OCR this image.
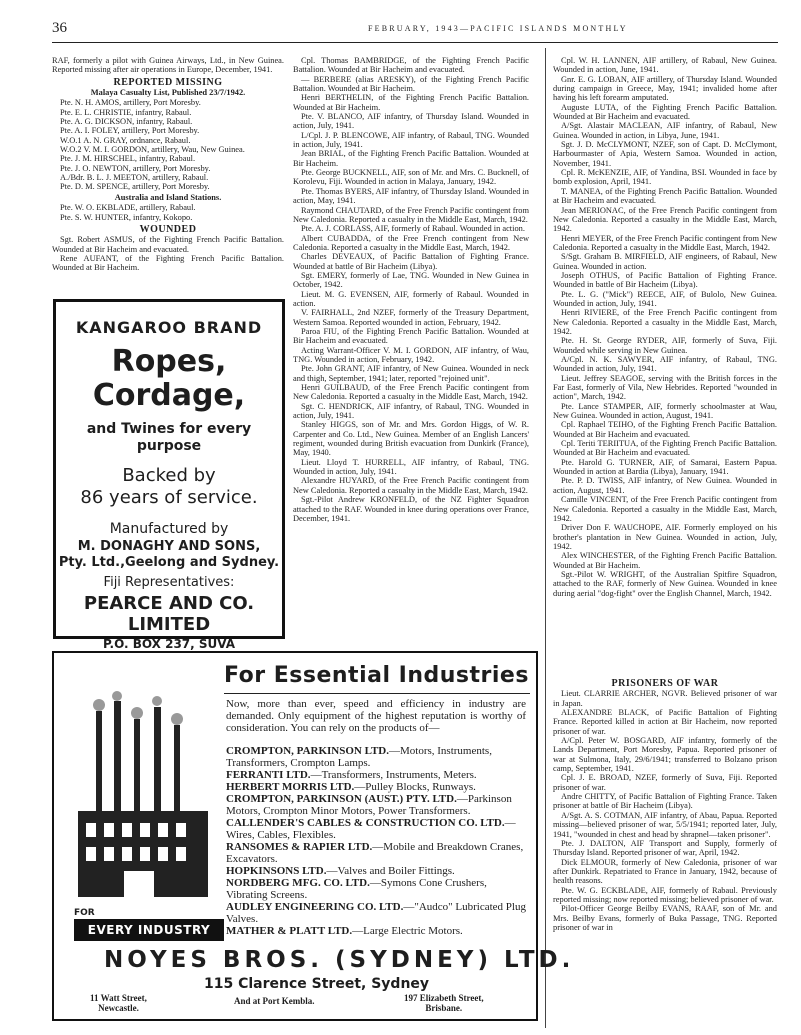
36	FEBRUARY, 1943—PACIFIC ISLANDS MONTHLY

RAF, formerly a pilot with Guinea Airways, Ltd., in New Guinea. Reported missing after air operations in Europe, December, 1941.

REPORTED MISSING
Malaya Casualty List, Published 23/7/1942.

Pte. N. H. AMOS, artillery, Port Moresby.

Pte. E. L. CHRISTIE, infantry, Rabaul.

Pte. A. G. DICKSON, infantry, Rabaul.

Pte. A. I. FOLEY, artillery, Port Moresby.

W.O.1 A. N. GRAY, ordnance, Rabaul.

W.O.2 V. M. I. GORDON, artillery, Wau, New Guinea.

Pte. J. M. HIRSCHEL, infantry, Rabaul.

Pte. J. O. NEWTON, artillery, Port Moresby.

A./Bdr. B. L. J. MEETON, artillery, Rabaul.

Pte. D. M. SPENCE, artillery, Port Moresby.

Australia and Island Stations.

Pte. W. O. EKBLADE, artillery, Rabaul.

Pte. S. W. HUNTER, infantry, Kokopo.

WOUNDED

Sgt. Robert ASMUS, of the Fighting French Pacific Battalion. Wounded at Bir Hacheim and evacuated.

Rene AUFANT, of the Fighting French Pacific Battalion. Wounded at Bir Hacheim.

KANGAROO BRAND
Ropes,
Cordage,
and Twines for every
purpose
Backed by
86 years of service.
Manufactured by
M. DONAGHY AND SONS,
Pty. Ltd.,Geelong and Sydney.
Fiji Representatives:
PEARCE AND CO.
LIMITED
P.O. BOX 237, SUVA

Cpl. Thomas BAMBRIDGE, of the Fighting French Pacific Battalion. Wounded at Bir Hacheim and evacuated.

— BERBERE (alias ARESKY), of the Fighting French Pacific Battalion. Wounded at Bir Hacheim.

Henri BERTHELIN, of the Fighting French Pacific Battalion. Wounded at Bir Hacheim.

Pte. V. BLANCO, AIF infantry, of Thursday Island. Wounded in action, July, 1941.

L/Cpl. J. P. BLENCOWE, AIF infantry, of Rabaul, TNG. Wounded in action, July, 1941.

Jean BRIAL, of the Fighting French Pacific Battalion. Wounded at Bir Hacheim.

Pte. George BUCKNELL, AIF, son of Mr. and Mrs. C. Bucknell, of Korolevu, Fiji. Wounded in action in Malaya, January, 1942.

Pte. Thomas BYERS, AIF infantry, of Thursday Island. Wounded in action, May, 1941.

Raymond CHAUTARD, of the Free French Pacific contingent from New Caledonia. Reported a casualty in the Middle East, March, 1942.

Pte. A. J. CORLASS, AIF, formerly of Rabaul. Wounded in action.

Albert CUBADDA, of the Free French contingent from New Caledonia. Reported a casualty in the Middle East, March, 1942.

Charles DEVEAUX, of Pacific Battalion of Fighting France. Wounded at battle of Bir Hacheim (Libya).

Sgt. EMERY, formerly of Lae, TNG. Wounded in New Guinea in October, 1942.

Lieut. M. G. EVENSEN, AIF, formerly of Rabaul. Wounded in action.

V. FAIRHALL, 2nd NZEF, formerly of the Treasury Department, Western Samoa. Reported wounded in action, February, 1942.

Paroa FIU, of the Fighting French Pacific Battalion. Wounded at Bir Hacheim and evacuated.

Acting Warrant-Officer V. M. I. GORDON, AIF infantry, of Wau, TNG. Wounded in action, February, 1942.

Pte. John GRANT, AIF infantry, of New Guinea. Wounded in neck and thigh, September, 1941; later, reported "rejoined unit".

Henri GUILBAUD, of the Free French Pacific contingent from New Caledonia. Reported a casualty in the Middle East, March, 1942.

Sgt. C. HENDRICK, AIF infantry, of Rabaul, TNG. Wounded in action, July, 1941.

Stanley HIGGS, son of Mr. and Mrs. Gordon Higgs, of W. R. Carpenter and Co. Ltd., New Guinea. Member of an English Lancers' regiment, wounded during British evacuation from Dunkirk (France), May, 1940.

Lieut. Lloyd T. HURRELL, AIF infantry, of Rabaul, TNG. Wounded in action, July, 1941.

Alexandre HUYARD, of the Free French Pacific contingent from New Caledonia. Reported a casualty in the Middle East, March, 1942.

Sgt.-Pilot Andrew KRONFELD, of the NZ Fighter Squadron attached to the RAF. Wounded in knee during operations over France, December, 1941.

Cpl. W. H. LANNEN, AIF artillery, of Rabaul, New Guinea. Wounded in action, June, 1941.

Gnr. E. G. LOBAN, AIF artillery, of Thursday Island. Wounded during campaign in Greece, May, 1941; invalided home after having his left forearm amputated.

Auguste LUTA, of the Fighting French Pacific Battalion. Wounded at Bir Hacheim and evacuated.

A/Sgt. Alastair MACLEAN, AIF infantry, of Rabaul, New Guinea. Wounded in action, in Libya, June, 1941.

Sgt. J. D. McCLYMONT, NZEF, son of Capt. D. McClymont, Harbourmaster of Apia, Western Samoa. Wounded in action, November, 1941.

Cpl. R. McKENZIE, AIF, of Yandina, BSI. Wounded in face by bomb explosion, April, 1941.

T. MANEA, of the Fighting French Pacific Battalion. Wounded at Bir Hacheim and evacuated.

Jean MERIONAC, of the Free French Pacific contingent from New Caledonia. Reported a casualty in the Middle East, March, 1942.

Henri MEYER, of the Free French Pacific contingent from New Caledonia. Reported a casualty in the Middle East, March, 1942.

S/Sgt. Graham B. MIRFIELD, AIF engineers, of Rabaul, New Guinea. Wounded in action.

Joseph OTHUS, of Pacific Battalion of Fighting France. Wounded in battle of Bir Hacheim (Libya).

Pte. L. G. ("Mick") REECE, AIF, of Bulolo, New Guinea. Wounded in action, July, 1941.

Henri RIVIERE, of the Free French Pacific contingent from New Caledonia. Reported a casualty in the Middle East, March, 1942.

Pte. H. St. George RYDER, AIF, formerly of Suva, Fiji. Wounded while serving in New Guinea.

A/Cpl. N. K. SAWYER, AIF infantry, of Rabaul, TNG. Wounded in action, July, 1941.

Lieut. Jeffrey SEAGOE, serving with the British forces in the Far East, formerly of Vila, New Hebrides. Reported "wounded in action", March, 1942.

Pte. Lance STAMPER, AIF, formerly schoolmaster at Wau, New Guinea. Wounded in action, August, 1941.

Cpl. Raphael TEIHO, of the Fighting French Pacific Battalion. Wounded at Bir Hacheim and evacuated.

Cpl. Teriti TERIITUA, of the Fighting French Pacific Battalion. Wounded at Bir Hacheim and evacuated.

Pte. Harold G. TURNER, AIF, of Samarai, Eastern Papua. Wounded in action at Bardia (Libya), January, 1941.

Pte. P. D. TWISS, AIF infantry, of New Guinea. Wounded in action, August, 1941.

Camille VINCENT, of the Free French Pacific contingent from New Caledonia. Reported a casualty in the Middle East, March, 1942.

Driver Don F. WAUCHOPE, AIF. Formerly employed on his brother's plantation in New Guinea. Wounded in action, July, 1942.

Alex WINCHESTER, of the Fighting French Pacific Battalion. Wounded at Bir Hacheim.

Sgt.-Pilot W. WRIGHT, of the Australian Spitfire Squadron, attached to the RAF, formerly of New Guinea. Wounded in knee during aerial "dog-fight" over the English Channel, March, 1942.

PRISONERS OF WAR

Lieut. CLARRIE ARCHER, NGVR. Believed prisoner of war in Japan.

ALEXANDRE BLACK, of Pacific Battalion of Fighting France. Reported killed in action at Bir Hacheim, now reported prisoner of war.

A/Cpl. Peter W. BOSGARD, AIF infantry, formerly of the Lands Department, Port Moresby, Papua. Reported prisoner of war at Sulmona, Italy, 29/6/1941; transferred to Bolzano prison camp, September, 1941.

Cpl. J. E. BROAD, NZEF, formerly of Suva, Fiji. Reported prisoner of war.

Andre CHITTY, of Pacific Battalion of Fighting France. Taken prisoner at battle of Bir Hacheim (Libya).

A/Sgt. A. S. COTMAN, AIF infantry, of Abau, Papua. Reported missing—believed prisoner of war, 5/5/1941; reported later, July, 1941, "wounded in chest and head by shrapnel—taken prisoner".

Pte. J. DALTON, AIF Transport and Supply, formerly of Thursday Island. Reported prisoner of war, April, 1942.

Dick ELMOUR, formerly of New Caledonia, prisoner of war after Dunkirk. Repatriated to France in January, 1942, because of health reasons.

Pte. W. G. ECKBLADE, AIF, formerly of Rabaul. Previously reported missing; now reported missing; believed prisoner of war.

Pilot-Officer George Beilby EVANS, RAAF, son of Mr. and Mrs. Beilby Evans, formerly of Buka Passage, TNG. Reported prisoner of war in

For Essential Industries
Now, more than ever, speed and efficiency in industry are demanded. Only equipment of the highest reputation is worthy of consideration. You can rely on the products of—
CROMPTON, PARKINSON LTD.—Motors, Instruments, Transformers, Crompton Lamps.
FERRANTI LTD.—Transformers, Instruments, Meters.
HERBERT MORRIS LTD.—Pulley Blocks, Runways.
CROMPTON, PARKINSON (AUST.) PTY. LTD.—Parkinson Motors, Crompton Minor Motors, Power Transformers.
CALLENDER'S CABLES & CONSTRUCTION CO. LTD.—Wires, Cables, Flexibles.
RANSOMES & RAPIER LTD.—Mobile and Breakdown Cranes, Excavators.
HOPKINSONS LTD.—Valves and Boiler Fittings.
NORDBERG MFG. CO. LTD.—Symons Cone Crushers, Vibrating Screens.
AUDLEY ENGINEERING CO. LTD.—"Audco" Lubricated Plug Valves.
MATHER & PLATT LTD.—Large Electric Motors.
FOR
EVERY INDUSTRY
NOYES BROS. (SYDNEY) LTD.
115 Clarence Street, Sydney
11 Watt Street,
Newcastle.
And at Port Kembla.	197 Elizabeth Street,
Brisbane.
